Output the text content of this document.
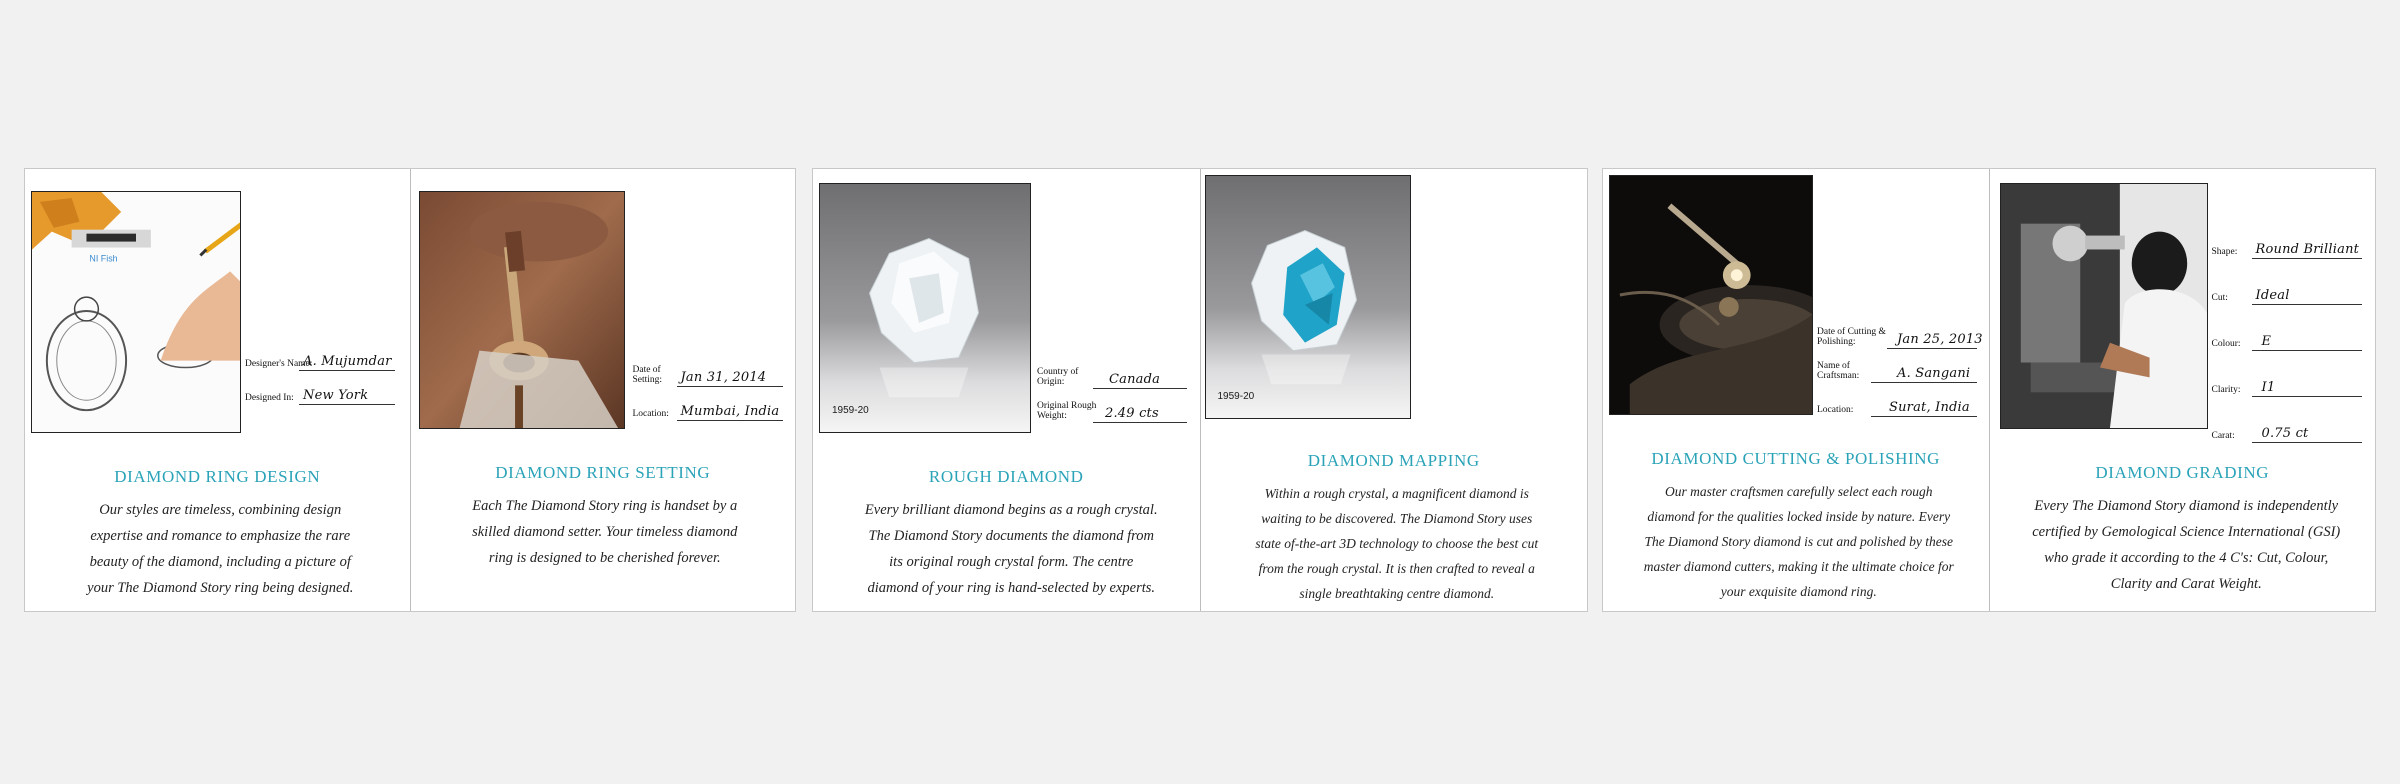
NI Fish
Designer's Name:
A. Mujumdar
Designed In: New York
DIAMOND RING DESIGN
Our styles are timeless, combining design expertise and romance to emphasize the rare beauty of the diamond, including a picture of your The Diamond Story ring being designed.
Date of Setting:	Jan 31, 2014
Location: Mumbai, India
DIAMOND RING SETTING
Each The Diamond Story ring is handset by a skilled diamond setter. Your timeless diamond ring is designed to be cherished forever.
1959-20
Country of Origin:	Canada
Original Rough Weight:	2.49 cts
ROUGH DIAMOND
Every brilliant diamond begins as a rough crystal. The Diamond Story documents the diamond from its original rough crystal form. The centre diamond of your ring is hand-selected by experts.
1959-20
DIAMOND MAPPING
Within a rough crystal, a magnificent diamond is waiting to be discovered. The Diamond Story uses state of-the-art 3D technology to choose the best cut from the rough crystal. It is then crafted to reveal a single breathtaking centre diamond.
Date of Cutting & Polishing:	Jan 25, 2013
Name of Craftsman:	A. Sangani
Location:	Surat, India
DIAMOND CUTTING & POLISHING
Our master craftsmen carefully select each rough diamond for the qualities locked inside by nature. Every The Diamond Story diamond is cut and polished by these master diamond cutters, making it the ultimate choice for your exquisite diamond ring.
Shape:	Round Brilliant
Cut:	Ideal
Colour:	E
Clarity:	I1
Carat:	0.75 ct
DIAMOND GRADING
Every The Diamond Story diamond is independently certified by Gemological Science International (GSI) who grade it according to the 4 C's: Cut, Colour, Clarity and Carat Weight.
